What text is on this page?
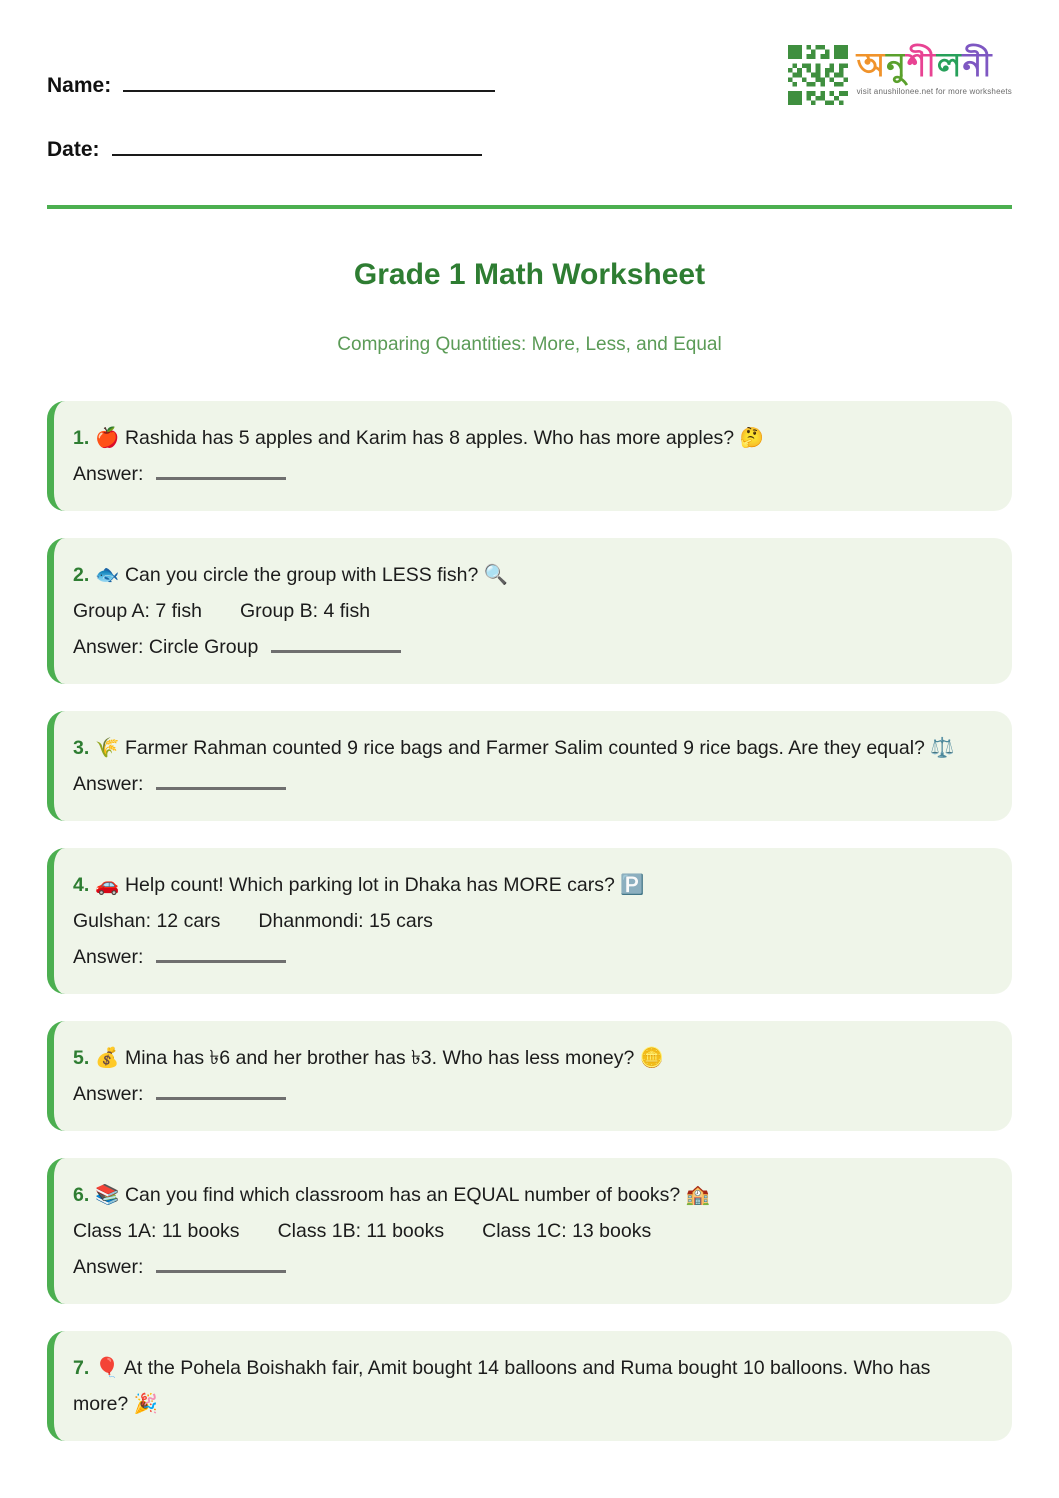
Name:
Date:
অনুশীলনী
visit anushilonee.net for more worksheets
Grade 1 Math Worksheet
Comparing Quantities: More, Less, and Equal
1. 🍎 Rashida has 5 apples and Karim has 8 apples. Who has more apples? 🤔
Answer:
2. 🐟 Can you circle the group with LESS fish? 🔍
Group A: 7 fish Group B: 4 fish
Answer: Circle Group
3. 🌾 Farmer Rahman counted 9 rice bags and Farmer Salim counted 9 rice bags. Are they equal? ⚖️
Answer:
4. 🚗 Help count! Which parking lot in Dhaka has MORE cars? 🅿️
Gulshan: 12 cars Dhanmondi: 15 cars
Answer:
5. 💰 Mina has ৳6 and her brother has ৳3. Who has less money? 🪙
Answer:
6. 📚 Can you find which classroom has an EQUAL number of books? 🏫
Class 1A: 11 books Class 1B: 11 books Class 1C: 13 books
Answer:
7. 🎈 At the Pohela Boishakh fair, Amit bought 14 balloons and Ruma bought 10 balloons. Who has more? 🎉
